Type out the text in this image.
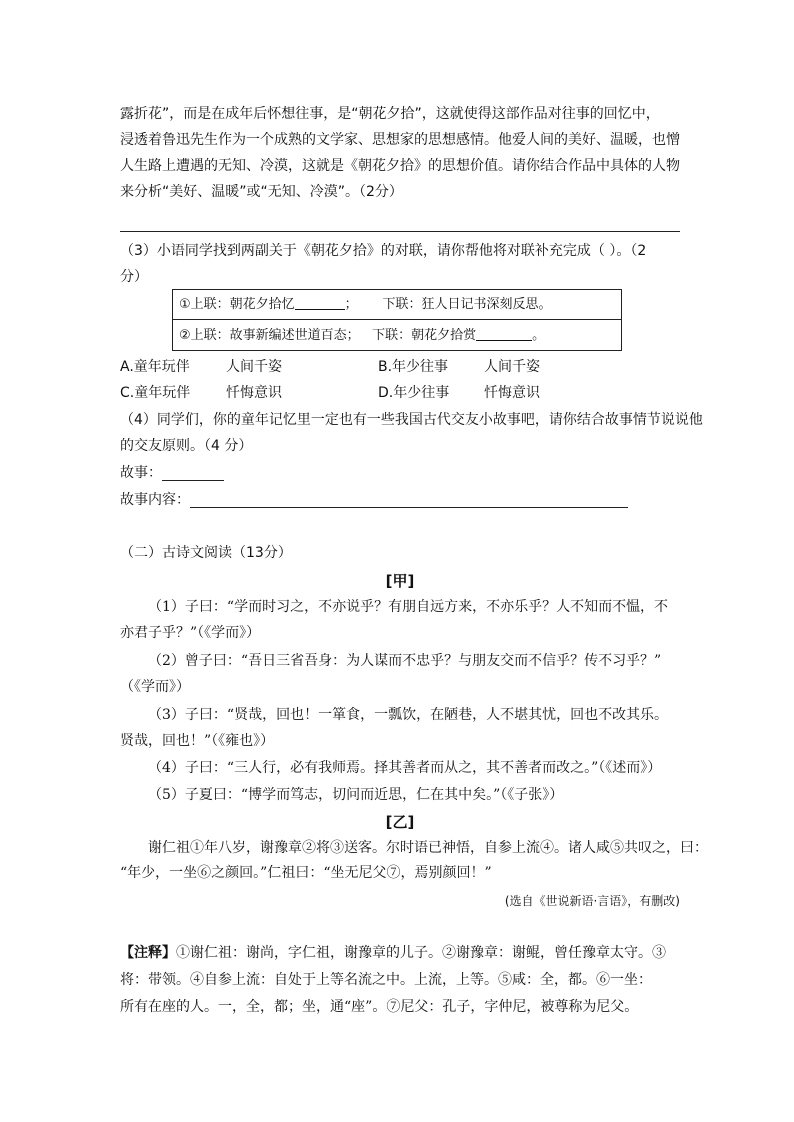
露折花”，而是在成年后怀想往事，是“朝花夕拾”，这就使得这部作品对往事的回忆中，
浸透着鲁迅先生作为一个成熟的文学家、思想家的思想感情。他爱人间的美好、温暖，也憎
人生路上遭遇的无知、冷漠，这就是《朝花夕拾》的思想价值。请你结合作品中具体的人物
来分析“美好、温暖”或“无知、冷漠”。（2分）
（3）小语同学找到两副关于《朝花夕拾》的对联，请你帮他将对联补充完成（ ）。（2
分）
①上联：朝花夕拾忆	； 下联：狂人日记书深刻反思。
②上联：故事新编述世道百态； 下联：朝花夕拾赏	。
A.童年玩伴	人间千姿	B.年少往事	人间千姿
C.童年玩伴	忏悔意识	D.年少往事 忏悔意识
（4）同学们，你的童年记忆里一定也有一些我国古代交友小故事吧，请你结合故事情节说说他
的交友原则。（4 分）
故事：
故事内容：
（二）古诗文阅读（13分）
[甲]
（1）子曰：“学而时习之，不亦说乎？有朋自远方来，不亦乐乎？人不知而不愠，不
亦君子乎？”（《学而》）
（2）曾子曰：“吾日三省吾身：为人谋而不忠乎？与朋友交而不信乎？传不习乎？”
（《学而》）
（3）子曰：“贤哉，回也！一箪食，一瓢饮，在陋巷，人不堪其忧，回也不改其乐。
贤哉，回也！”（《雍也》）
（4）子曰：“三人行，必有我师焉。择其善者而从之，其不善者而改之。”（《述而》）
（5）子夏曰：“博学而笃志，切问而近思，仁在其中矣。”（《子张》）
[乙]
谢仁祖①年八岁，谢豫章②将③送客。尔时语已神悟，自参上流④。诸人咸⑤共叹之，曰：
“年少，一坐⑥之颜回。”仁祖曰：“坐无尼父⑦，焉别颜回！”
(选自《世说新语·言语》，有删改)
【注释】①谢仁祖：谢尚，字仁祖，谢豫章的儿子。②谢豫章：谢鲲，曾任豫章太守。③
将：带领。④自参上流：自处于上等名流之中。上流，上等。⑤咸：全，都。⑥一坐：
所有在座的人。一，全，都；坐，通“座”。⑦尼父：孔子，字仲尼，被尊称为尼父。
